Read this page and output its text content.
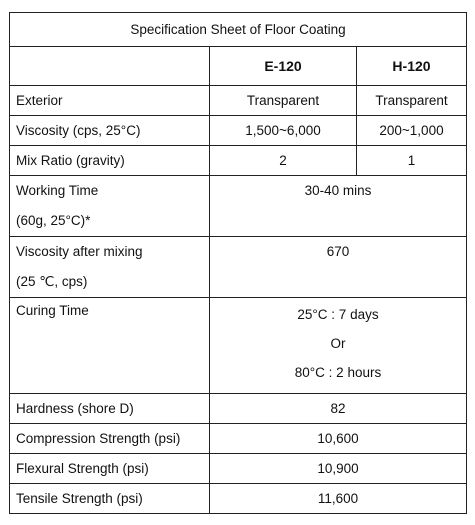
Specification Sheet of Floor Coating		
	E-120	H-120
Exterior	Transparent	Transparent
Viscosity (cps, 25°C)	1,500~6,000	200~1,000
Mix Ratio (gravity)	2	1

Working Time
(60g, 25°C)*	30-40 mins	

Viscosity after mixing
(25 ℃, cps)	670	

Curing Time	25°C : 7 days
Or
80°C : 2 hours	

Hardness (shore D)	82	
Compression Strength (psi)	10,600	
Flexural Strength (psi)	10,900	
Tensile Strength (psi)	11,600	
